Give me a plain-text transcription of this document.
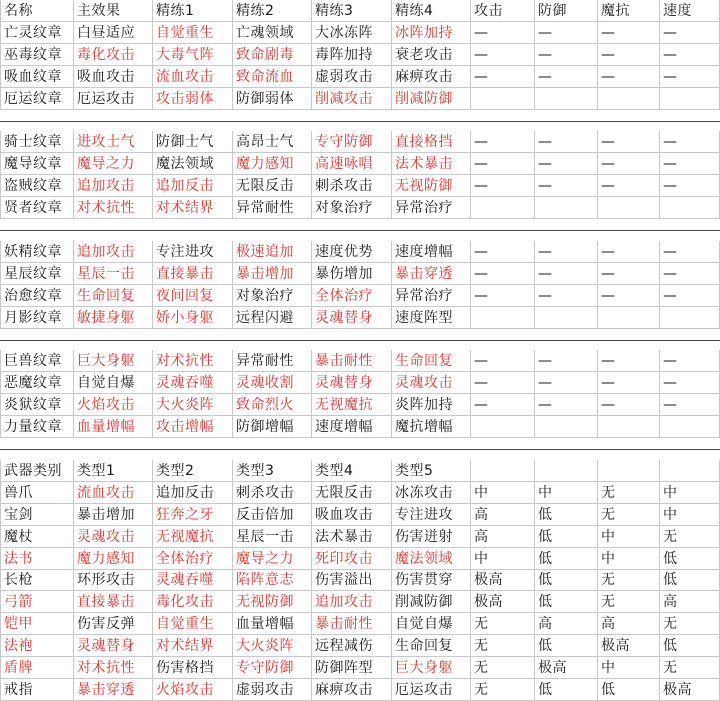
名称	主效果	精练1	精练2	精练3	精练4	攻击	防御	魔抗	速度
亡灵纹章	白昼适应	自觉重生	亡魂领域	大冰冻阵	冰阵加持	—	—	—	—
巫毒纹章	毒化攻击	大毒气阵	致命剧毒	毒阵加持	衰老攻击	—	—	—	—
吸血纹章	吸血攻击	流血攻击	致命流血	虚弱攻击	麻痹攻击	—	—	—	—
厄运纹章	厄运攻击	攻击弱体	防御弱体	削减攻击	削减防御
骑士纹章	进攻士气	防御士气	高昂士气	专守防御	直接格挡	—	—	—	—
魔导纹章	魔导之力	魔法领域	魔力感知	高速咏唱	法术暴击	—	—	—	—
盗贼纹章	追加攻击	追加反击	无限反击	刺杀攻击	无视防御	—	—	—	—
贤者纹章	对术抗性	对术结界	异常耐性	对象治疗	异常治疗
妖精纹章	追加攻击	专注进攻	极速追加	速度优势	速度增幅	—	—	—	—
星辰纹章	星辰一击	直接暴击	暴击增加	暴伤增加	暴击穿透	—	—	—	—
治愈纹章	生命回复	夜间回复	对象治疗	全体治疗	异常治疗	—	—	—	—
月影纹章	敏捷身躯	娇小身躯	远程闪避	灵魂替身	速度阵型
巨兽纹章	巨大身躯	对术抗性	异常耐性	暴击耐性	生命回复	—	—	—	—
恶魔纹章	自觉自爆	灵魂吞噬	灵魂收割	灵魂替身	灵魂攻击	—	—	—	—
炎狱纹章	火焰攻击	大火炎阵	致命烈火	无视魔抗	炎阵加持	—	—	—	—
力量纹章	血量增幅	攻击增幅	防御增幅	速度增幅	魔抗增幅
武器类别	类型1	类型2	类型3	类型4	类型5
兽爪	流血攻击	追加反击	刺杀攻击	无限反击	冰冻攻击	中	中	无	中
宝剑	暴击增加	狂奔之牙	反击倍加	吸血攻击	专注进攻	高	低	无	中
魔杖	灵魂攻击	无视魔抗	星辰一击	法术暴击	伤害迸射	高	低	中	无
法书	魔力感知	全体治疗	魔导之力	死印攻击	魔法领域	中	低	中	低
长枪	环形攻击	灵魂吞噬	陷阵意志	伤害溢出	伤害贯穿	极高	低	无	低
弓箭	直接暴击	毒化攻击	无视防御	追加攻击	削减防御	极高	低	无	高
铠甲	伤害反弹	自觉重生	血量增幅	暴击耐性	自觉自爆	无	高	高	无
法袍	灵魂替身	对术结界	大火炎阵	远程减伤	生命回复	无	低	极高	低
盾牌	对术抗性	伤害格挡	专守防御	防御阵型	巨大身躯	无	极高	中	无
戒指	暴击穿透	火焰攻击	虚弱攻击	麻痹攻击	厄运攻击	无	低	低	极高
